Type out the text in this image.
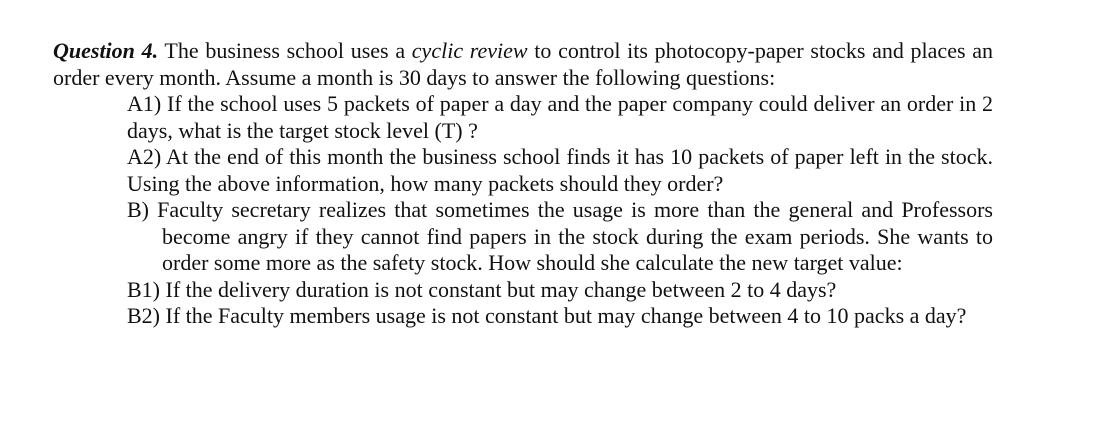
Question 4. The business school uses a cyclic review to control its photocopy-paper stocks and places an order every month. Assume a month is 30 days to answer the following questions:

A1) If the school uses 5 packets of paper a day and the paper company could deliver an order in 2 days, what is the target stock level (T) ?

A2) At the end of this month the business school finds it has 10 packets of paper left in the stock. Using the above information, how many packets should they order?

B) Faculty secretary realizes that sometimes the usage is more than the general and Professors become angry if they cannot find papers in the stock during the exam periods. She wants to order some more as the safety stock. How should she calculate the new target value:

B1) If the delivery duration is not constant but may change between 2 to 4 days?

B2) If the Faculty members usage is not constant but may change between 4 to 10 packs a day?
